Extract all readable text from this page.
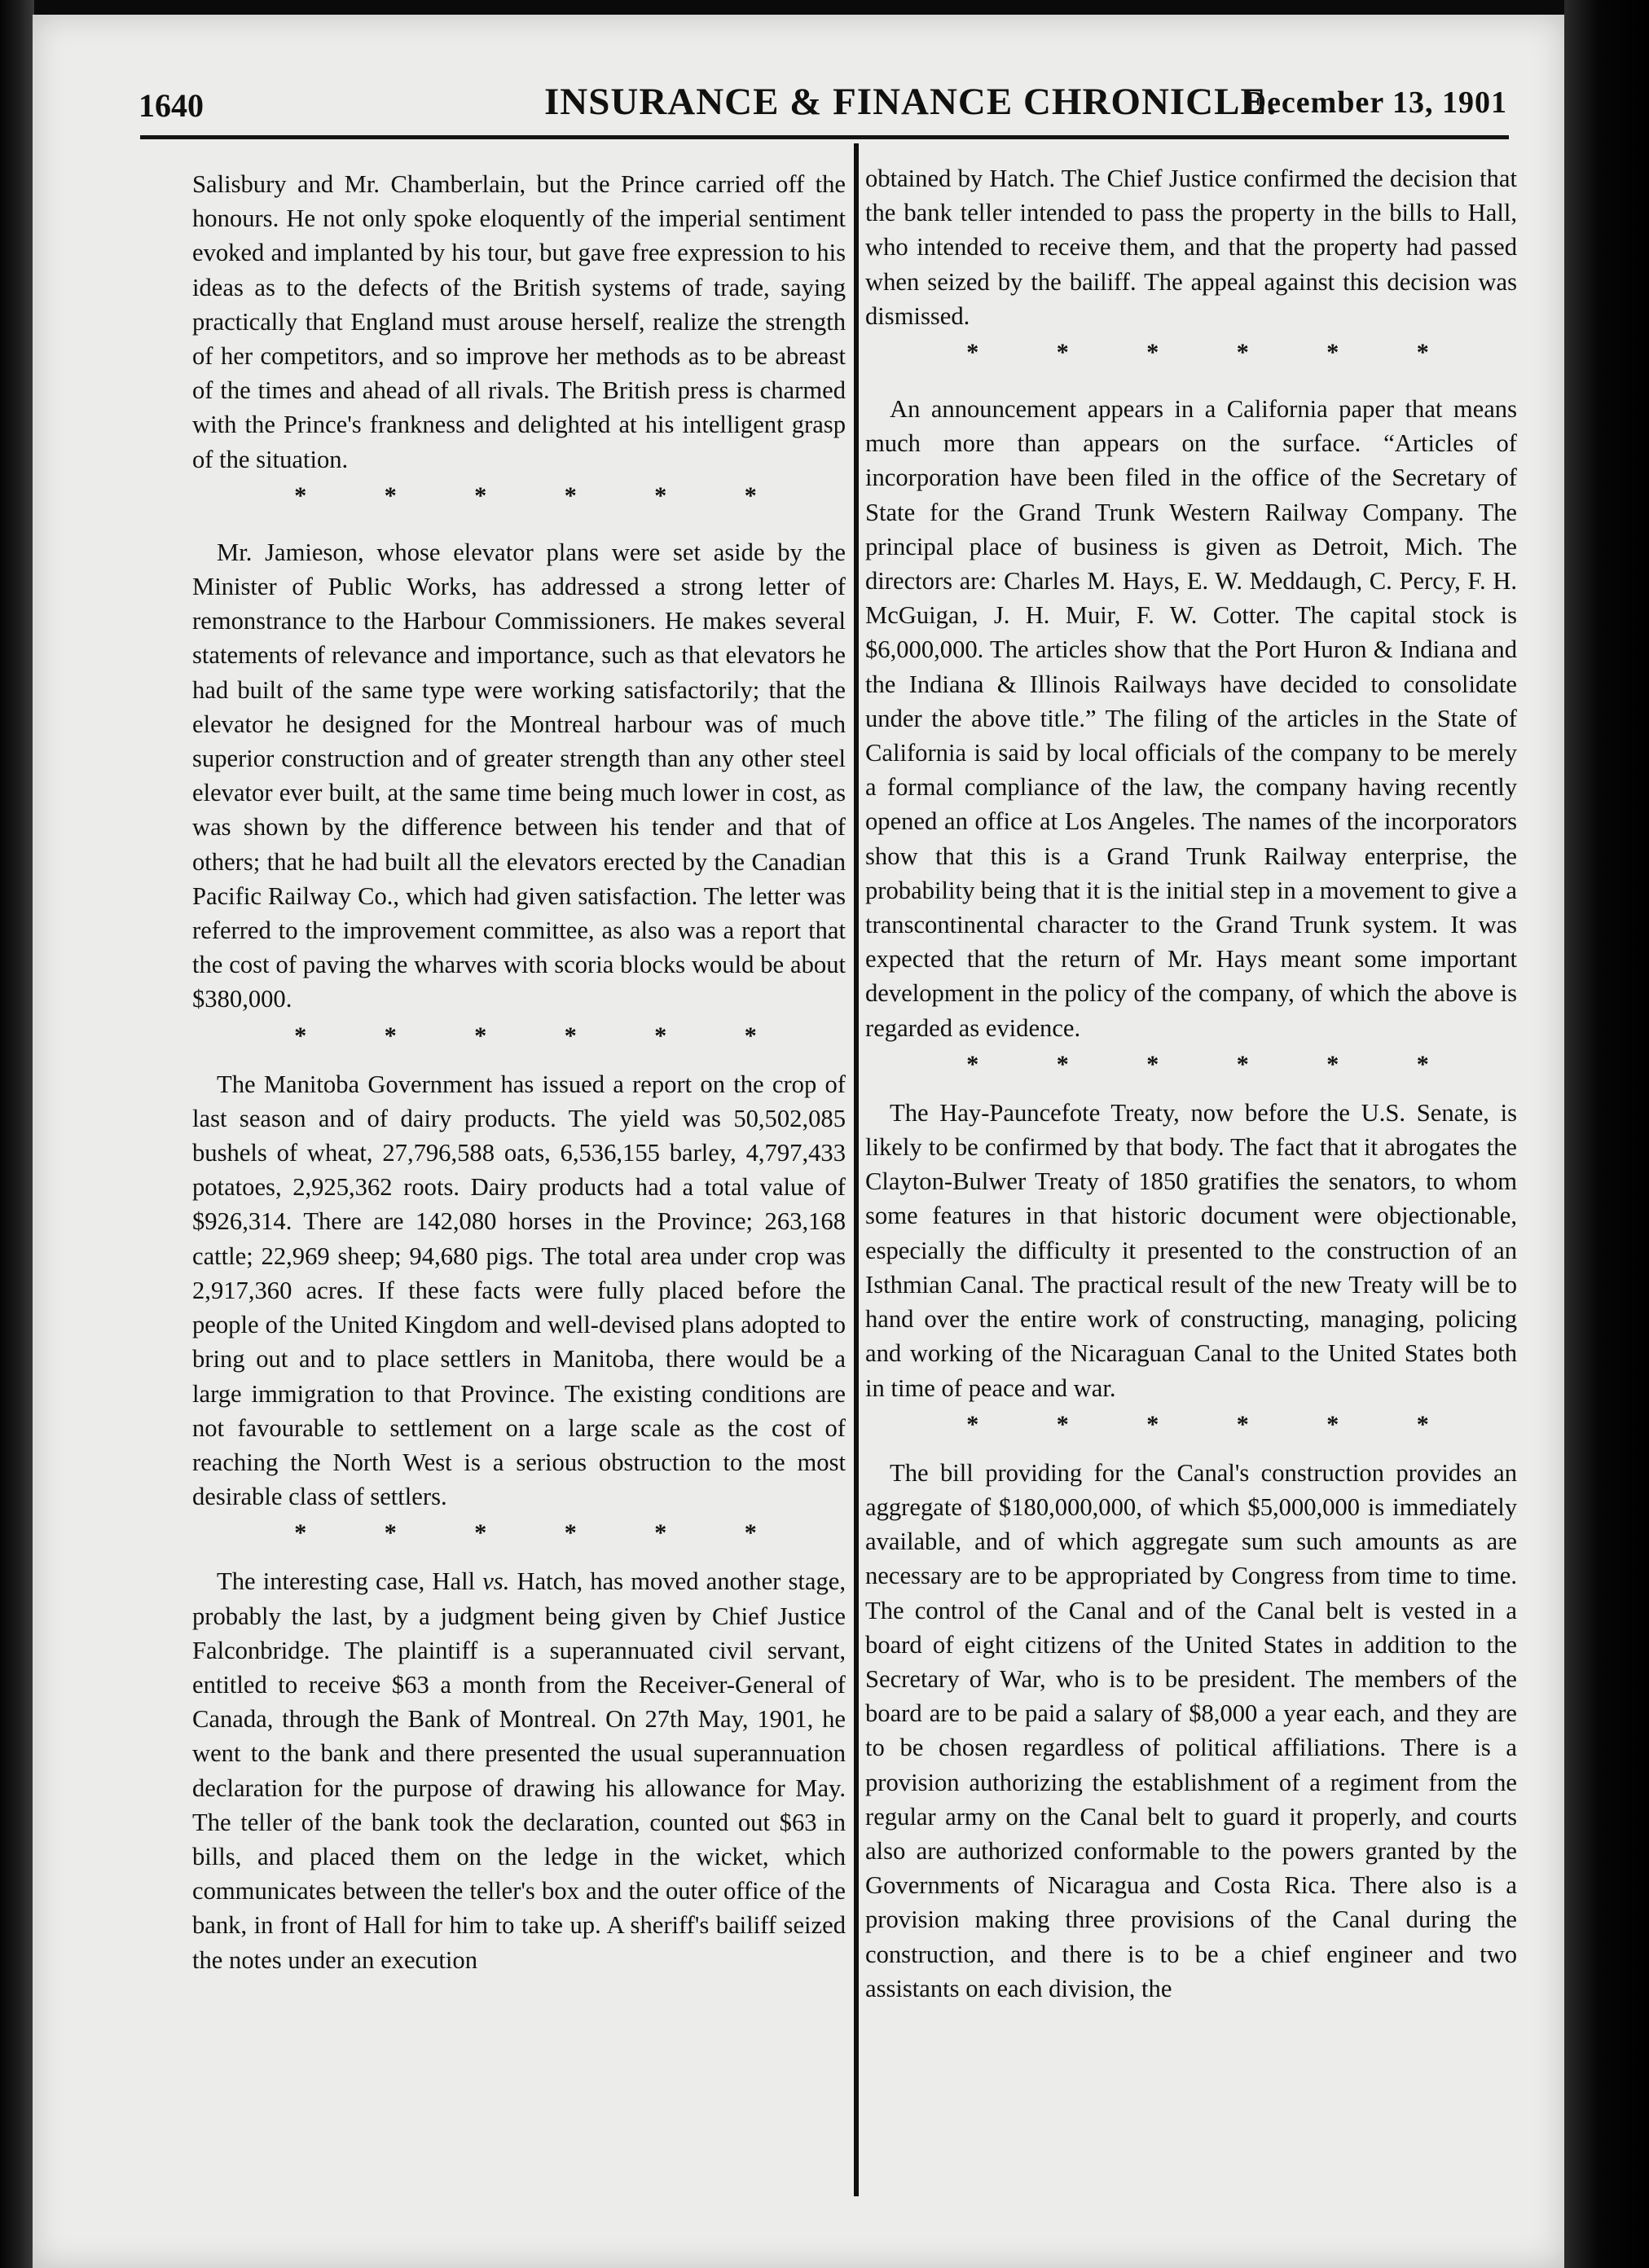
1640	INSURANCE & FINANCE CHRONICLE.
December 13, 1901

Salisbury and Mr. Chamberlain, but the Prince carried off the honours. He not only spoke eloquently of the imperial sentiment evoked and implanted by his tour, but gave free expression to his ideas as to the defects of the British systems of trade, saying practically that England must arouse herself, realize the strength of her competitors, and so improve her methods as to be abreast of the times and ahead of all rivals. The British press is charmed with the Prince's frankness and delighted at his intelligent grasp of the situation.

* * * * * *

Mr. Jamieson, whose elevator plans were set aside by the Minister of Public Works, has addressed a strong letter of remonstrance to the Harbour Commissioners. He makes several statements of relevance and importance, such as that elevators he had built of the same type were working satisfactorily; that the elevator he designed for the Montreal harbour was of much superior construction and of greater strength than any other steel elevator ever built, at the same time being much lower in cost, as was shown by the difference between his tender and that of others; that he had built all the elevators erected by the Canadian Pacific Railway Co., which had given satisfaction. The letter was referred to the improvement committee, as also was a report that the cost of paving the wharves with scoria blocks would be about $380,000.

* * * * * *

The Manitoba Government has issued a report on the crop of last season and of dairy products. The yield was 50,502,085 bushels of wheat, 27,796,588 oats, 6,536,155 barley, 4,797,433 potatoes, 2,925,362 roots. Dairy products had a total value of $926,314. There are 142,080 horses in the Province; 263,168 cattle; 22,969 sheep; 94,680 pigs. The total area under crop was 2,917,360 acres. If these facts were fully placed before the people of the United Kingdom and well-devised plans adopted to bring out and to place settlers in Manitoba, there would be a large immigration to that Province. The existing conditions are not favourable to settlement on a large scale as the cost of reaching the North West is a serious obstruction to the most desirable class of settlers.

* * * * * *

The interesting case, Hall vs. Hatch, has moved another stage, probably the last, by a judgment being given by Chief Justice Falconbridge. The plaintiff is a superannuated civil servant, entitled to receive $63 a month from the Receiver-General of Canada, through the Bank of Montreal. On 27th May, 1901, he went to the bank and there presented the usual superannuation declaration for the purpose of drawing his allowance for May. The teller of the bank took the declaration, counted out $63 in bills, and placed them on the ledge in the wicket, which communicates between the teller's box and the outer office of the bank, in front of Hall for him to take up. A sheriff's bailiff seized the notes under an execution

obtained by Hatch. The Chief Justice confirmed the decision that the bank teller intended to pass the property in the bills to Hall, who intended to receive them, and that the property had passed when seized by the bailiff. The appeal against this decision was dismissed.

* * * * * *

An announcement appears in a California paper that means much more than appears on the surface. “Articles of incorporation have been filed in the office of the Secretary of State for the Grand Trunk Western Railway Company. The principal place of business is given as Detroit, Mich. The directors are: Charles M. Hays, E. W. Meddaugh, C. Percy, F. H. McGuigan, J. H. Muir, F. W. Cotter. The capital stock is $6,000,000. The articles show that the Port Huron & Indiana and the Indiana & Illinois Railways have decided to consolidate under the above title.” The filing of the articles in the State of California is said by local officials of the company to be merely a formal compliance of the law, the company having recently opened an office at Los Angeles. The names of the incorporators show that this is a Grand Trunk Railway enterprise, the probability being that it is the initial step in a movement to give a transcontinental character to the Grand Trunk system. It was expected that the return of Mr. Hays meant some important development in the policy of the company, of which the above is regarded as evidence.

* * * * * *

The Hay-Pauncefote Treaty, now before the U.S. Senate, is likely to be confirmed by that body. The fact that it abrogates the Clayton-Bulwer Treaty of 1850 gratifies the senators, to whom some features in that historic document were objectionable, especially the difficulty it presented to the construction of an Isthmian Canal. The practical result of the new Treaty will be to hand over the entire work of constructing, managing, policing and working of the Nicaraguan Canal to the United States both in time of peace and war.

* * * * * *

The bill providing for the Canal's construction provides an aggregate of $180,000,000, of which $5,000,000 is immediately available, and of which aggregate sum such amounts as are necessary are to be appropriated by Congress from time to time. The control of the Canal and of the Canal belt is vested in a board of eight citizens of the United States in addition to the Secretary of War, who is to be president. The members of the board are to be paid a salary of $8,000 a year each, and they are to be chosen regardless of political affiliations. There is a provision authorizing the establishment of a regiment from the regular army on the Canal belt to guard it properly, and courts also are authorized conformable to the powers granted by the Governments of Nicaragua and Costa Rica. There also is a provision making three provisions of the Canal during the construction, and there is to be a chief engineer and two assistants on each division, the
